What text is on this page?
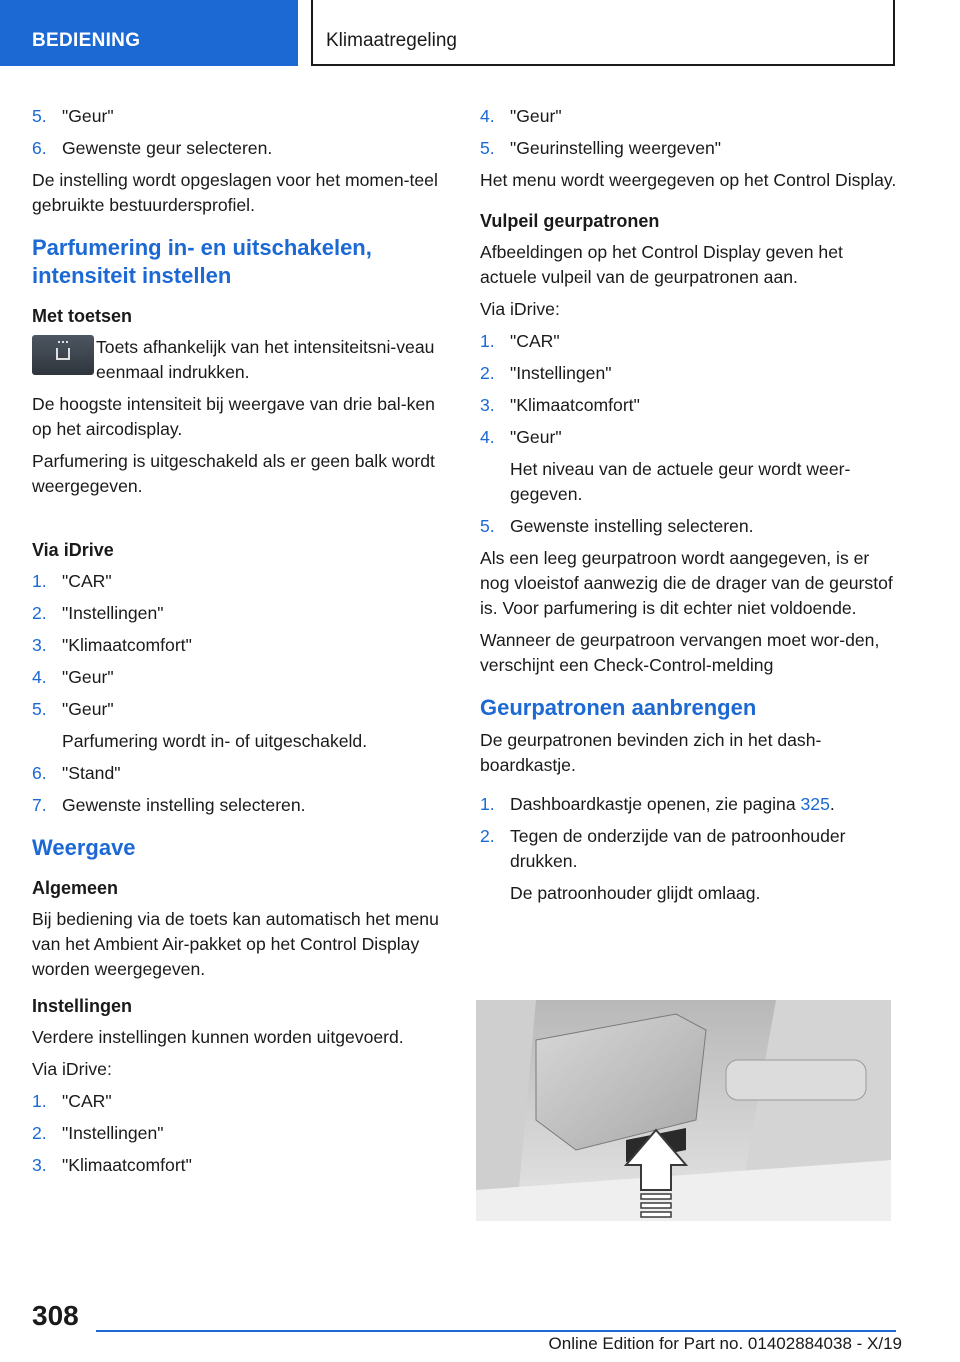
BEDIENING	Klimaatregeling
5. "Geur"
6. Gewenste geur selecteren.

De instelling wordt opgeslagen voor het momen-teel gebruikte bestuurdersprofiel.

Parfumering in- en uitschakelen, intensiteit instellen
Met toetsen
Toets afhankelijk van het intensiteitsni-veau eenmaal indrukken.

De hoogste intensiteit bij weergave van drie bal-ken op het aircodisplay.

Parfumering is uitgeschakeld als er geen balk wordt weergegeven.

Via iDrive
1. "CAR"
2. "Instellingen"
3. "Klimaatcomfort"
4. "Geur"
5. "Geur"
Parfumering wordt in- of uitgeschakeld.
6. "Stand"
7. Gewenste instelling selecteren.
Weergave
Algemeen

Bij bediening via de toets kan automatisch het menu van het Ambient Air-pakket op het Control Display worden weergegeven.

Instellingen

Verdere instellingen kunnen worden uitgevoerd.

Via iDrive:

1. "CAR"
2. "Instellingen"
3. "Klimaatcomfort"
4. "Geur"
5. "Geurinstelling weergeven"

Het menu wordt weergegeven op het Control Display.

Vulpeil geurpatronen

Afbeeldingen op het Control Display geven het actuele vulpeil van de geurpatronen aan.

Via iDrive:

1. "CAR"
2. "Instellingen"
3. "Klimaatcomfort"
4. "Geur"
Het niveau van de actuele geur wordt weer-gegeven.
5. Gewenste instelling selecteren.

Als een leeg geurpatroon wordt aangegeven, is er nog vloeistof aanwezig die de drager van de geurstof is. Voor parfumering is dit echter niet voldoende.

Wanneer de geurpatroon vervangen moet wor-den, verschijnt een Check-Control-melding

Geurpatronen aanbrengen

De geurpatronen bevinden zich in het dash-boardkastje.

1. Dashboardkastje openen, zie pagina 325.
2. Tegen de onderzijde van de patroonhouder drukken.
De patroonhouder glijdt omlaag.
308
Online Edition for Part no. 01402884038 - X/19
